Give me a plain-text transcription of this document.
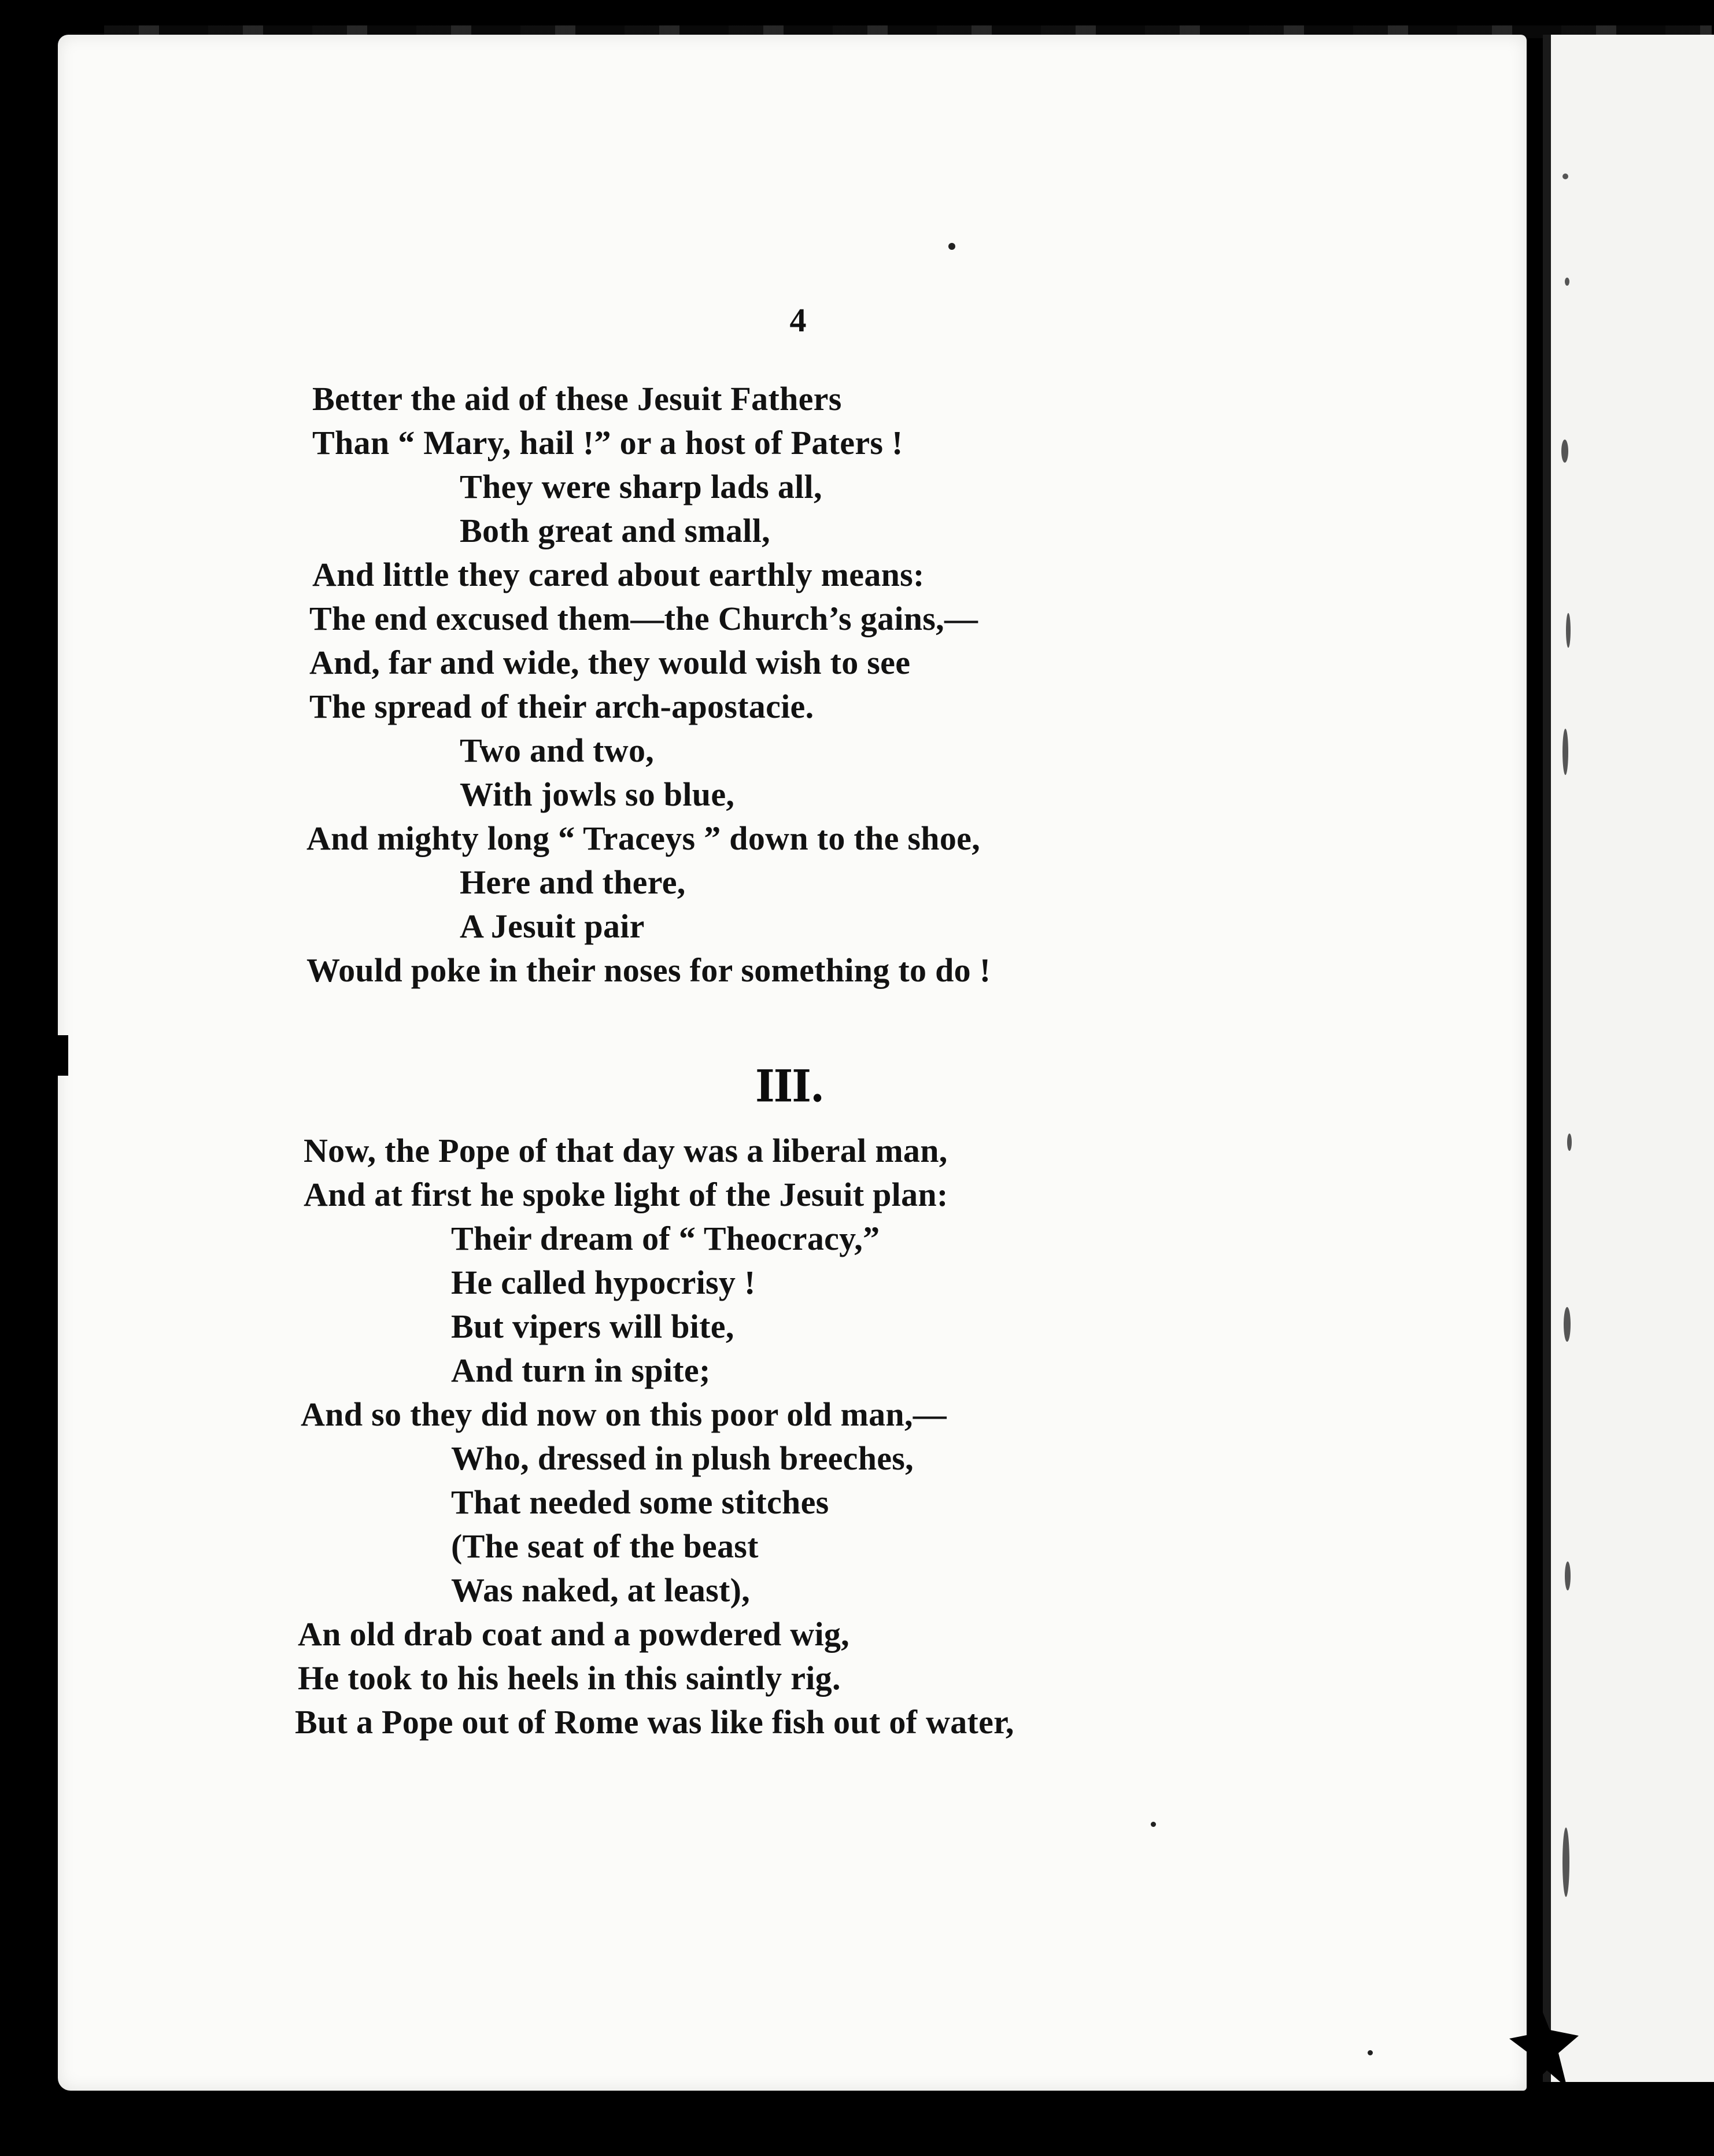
4
Better the aid of these Jesuit Fathers
Than “ Mary, hail !” or a host of Paters !
They were sharp lads all,
Both great and small,
And little they cared about earthly means:
The end excused them—the Church’s gains,—
And, far and wide, they would wish to see
The spread of their arch-apostacie.
Two and two,
With jowls so blue,
And mighty long “ Traceys ” down to the shoe,
Here and there,
A Jesuit pair
Would poke in their noses for something to do !
III.
Now, the Pope of that day was a liberal man,
And at first he spoke light of the Jesuit plan:
Their dream of “ Theocracy,”
He called hypocrisy !
But vipers will bite,
And turn in spite;
And so they did now on this poor old man,—
Who, dressed in plush breeches,
That needed some stitches
(The seat of the beast
Was naked, at least),
An old drab coat and a powdered wig,
He took to his heels in this saintly rig.
But a Pope out of Rome was like fish out of water,
